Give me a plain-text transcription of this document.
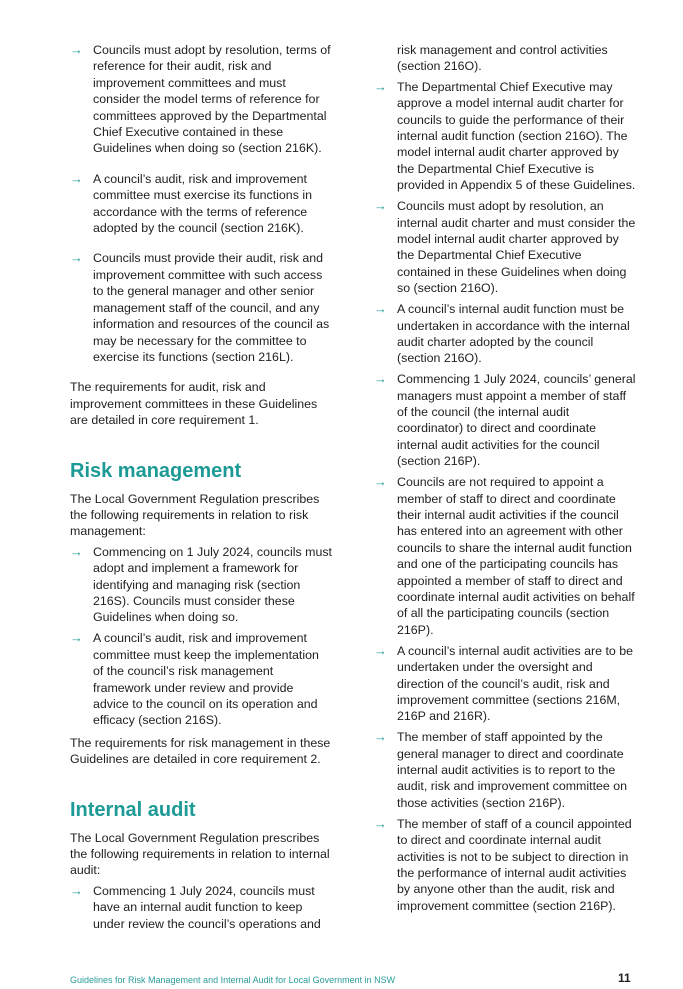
→ Councils must adopt by resolution, terms of reference for their audit, risk and improvement committees and must consider the model terms of reference for committees approved by the Departmental Chief Executive contained in these Guidelines when doing so (section 216K).
→ A council’s audit, risk and improvement committee must exercise its functions in accordance with the terms of reference adopted by the council (section 216K).
→ Councils must provide their audit, risk and improvement committee with such access to the general manager and other senior management staff of the council, and any information and resources of the council as may be necessary for the committee to exercise its functions (section 216L).

The requirements for audit, risk and improvement committees in these Guidelines are detailed in core requirement 1.

Risk management

The Local Government Regulation prescribes the following requirements in relation to risk management:

→ Commencing on 1 July 2024, councils must adopt and implement a framework for identifying and managing risk (section 216S). Councils must consider these Guidelines when doing so.
→ A council’s audit, risk and improvement committee must keep the implementation of the council’s risk management framework under review and provide advice to the council on its operation and efficacy (section 216S).

The requirements for risk management in these Guidelines are detailed in core requirement 2.

Internal audit

The Local Government Regulation prescribes the following requirements in relation to internal audit:

→ Commencing 1 July 2024, councils must have an internal audit function to keep under review the council’s operations and

risk management and control activities (section 216O).

→ The Departmental Chief Executive may approve a model internal audit charter for councils to guide the performance of their internal audit function (section 216O). The model internal audit charter approved by the Departmental Chief Executive is provided in Appendix 5 of these Guidelines.
→ Councils must adopt by resolution, an internal audit charter and must consider the model internal audit charter approved by the Departmental Chief Executive contained in these Guidelines when doing so (section 216O).
→ A council’s internal audit function must be undertaken in accordance with the internal audit charter adopted by the council (section 216O).
→ Commencing 1 July 2024, councils’ general managers must appoint a member of staff of the council (the internal audit coordinator) to direct and coordinate internal audit activities for the council (section 216P).
→ Councils are not required to appoint a member of staff to direct and coordinate their internal audit activities if the council has entered into an agreement with other councils to share the internal audit function and one of the participating councils has appointed a member of staff to direct and coordinate internal audit activities on behalf of all the participating councils (section 216P).
→ A council’s internal audit activities are to be undertaken under the oversight and direction of the council’s audit, risk and improvement committee (sections 216M, 216P and 216R).
→ The member of staff appointed by the general manager to direct and coordinate internal audit activities is to report to the audit, risk and improvement committee on those activities (section 216P).
→ The member of staff of a council appointed to direct and coordinate internal audit activities is not to be subject to direction in the performance of internal audit activities by anyone other than the audit, risk and improvement committee (section 216P).
Guidelines for Risk Management and Internal Audit for Local Government in NSW	11
